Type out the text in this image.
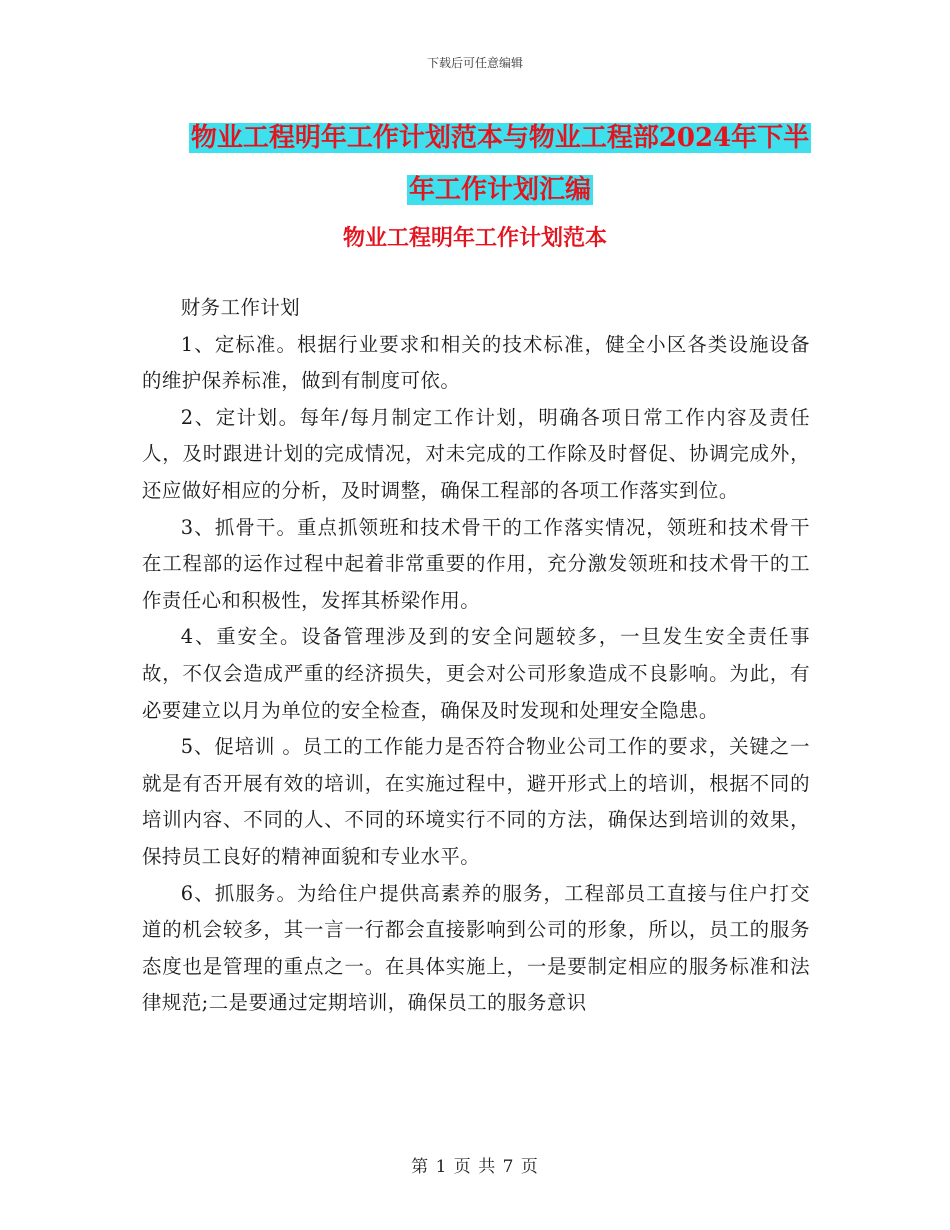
下载后可任意编辑
物业工程明年工作计划范本与物业工程部2024年下半
年工作计划汇编
物业工程明年工作计划范本

财务工作计划

1、定标准。根据行业要求和相关的技术标准，健全小区各类设施设备的维护保养标准，做到有制度可依。

2、定计划。每年/每月制定工作计划，明确各项日常工作内容及责任人，及时跟进计划的完成情况，对未完成的工作除及时督促、协调完成外，还应做好相应的分析，及时调整，确保工程部的各项工作落实到位。

3、抓骨干。重点抓领班和技术骨干的工作落实情况，领班和技术骨干在工程部的运作过程中起着非常重要的作用，充分激发领班和技术骨干的工作责任心和积极性，发挥其桥梁作用。

4、重安全。设备管理涉及到的安全问题较多，一旦发生安全责任事故，不仅会造成严重的经济损失，更会对公司形象造成不良影响。为此，有必要建立以月为单位的安全检查，确保及时发现和处理安全隐患。

5、促培训 。员工的工作能力是否符合物业公司工作的要求，关键之一就是有否开展有效的培训，在实施过程中，避开形式上的培训，根据不同的培训内容、不同的人、不同的环境实行不同的方法，确保达到培训的效果，保持员工良好的精神面貌和专业水平。

6、抓服务。为给住户提供高素养的服务，工程部员工直接与住户打交道的机会较多，其一言一行都会直接影响到公司的形象，所以，员工的服务态度也是管理的重点之一。在具体实施上，一是要制定相应的服务标准和法律规范;二是要通过定期培训，确保员工的服务意识

第 1 页 共 7 页
